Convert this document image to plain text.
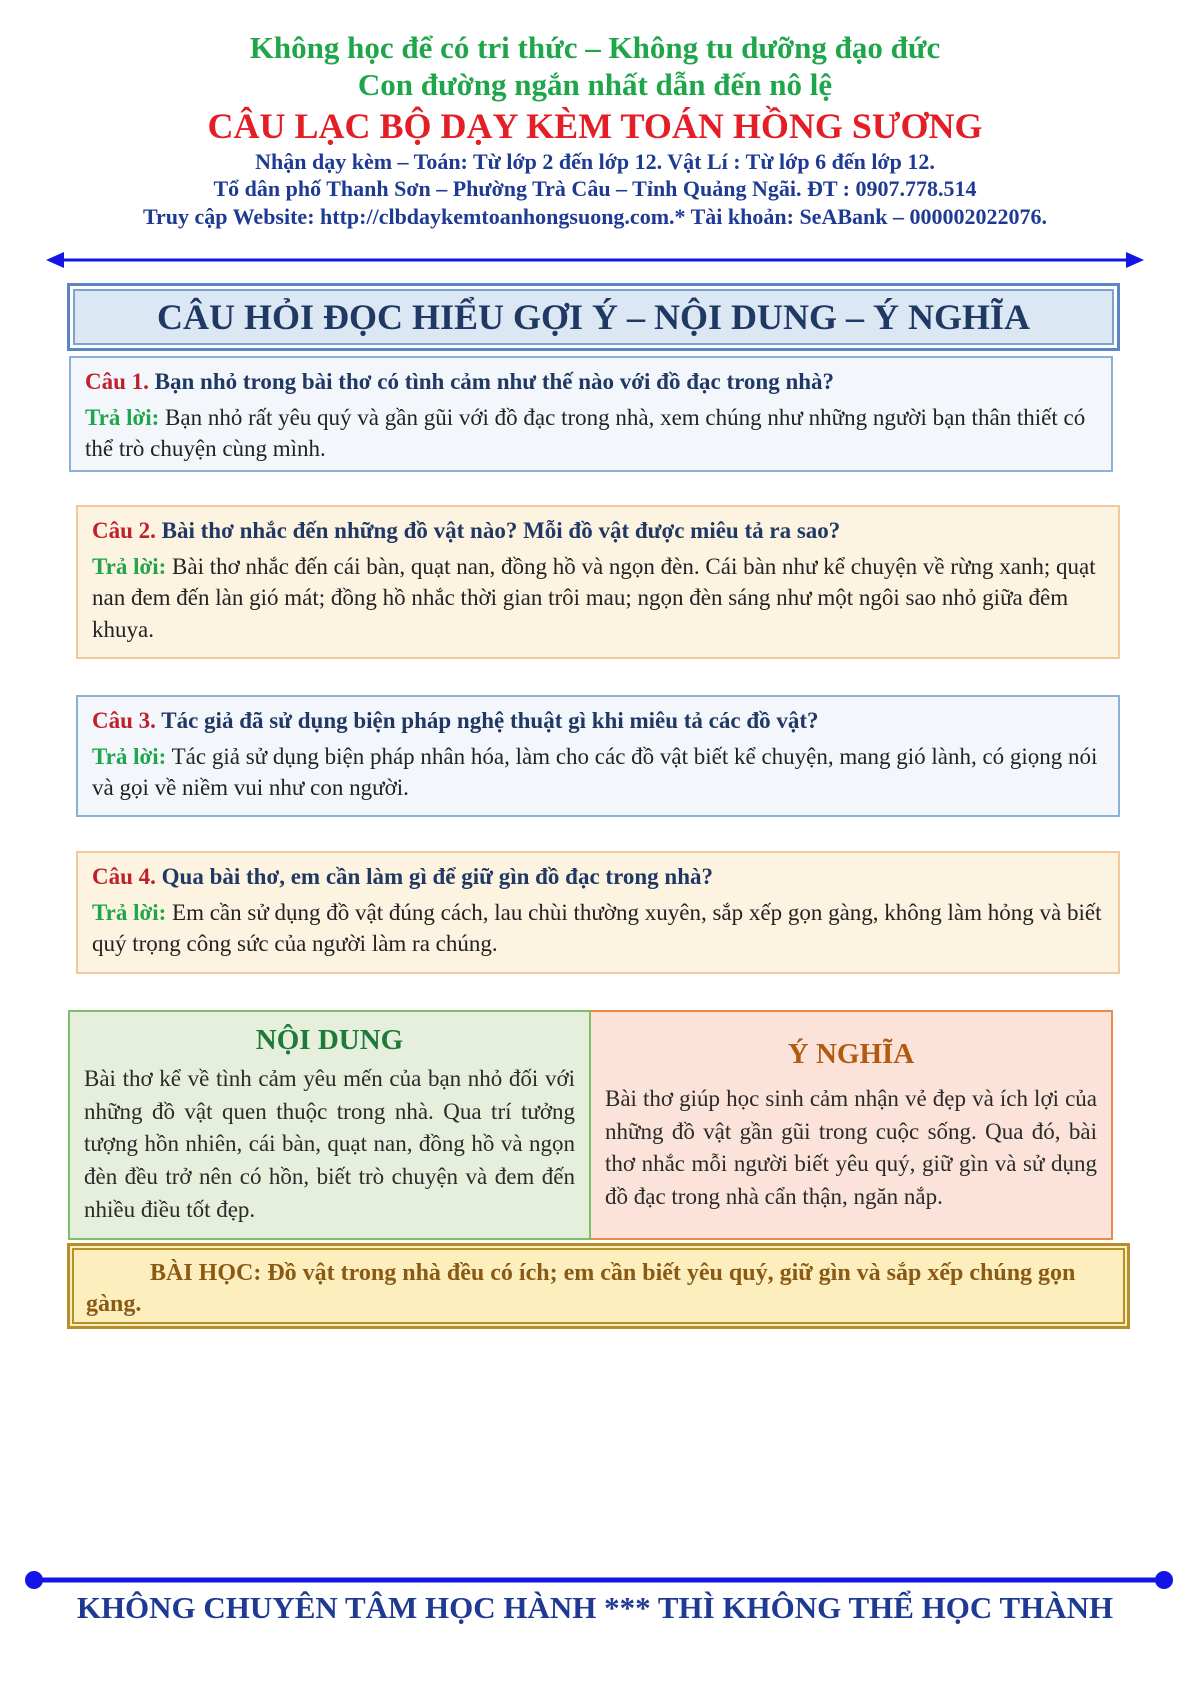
Không học để có tri thức – Không tu dưỡng đạo đức
Con đường ngắn nhất dẫn đến nô lệ
CÂU LẠC BỘ DẠY KÈM TOÁN HỒNG SƯƠNG
Nhận dạy kèm – Toán: Từ lớp 2 đến lớp 12. Vật Lí : Từ lớp 6 đến lớp 12.
Tổ dân phố Thanh Sơn – Phường Trà Câu – Tỉnh Quảng Ngãi. ĐT : 0907.778.514
Truy cập Website: http://clbdaykemtoanhongsuong.com.* Tài khoản: SeABank – 000002022076.
CÂU HỎI ĐỌC HIỂU GỢI Ý – NỘI DUNG – Ý NGHĨA
Câu 1. Bạn nhỏ trong bài thơ có tình cảm như thế nào với đồ đạc trong nhà?
Trả lời: Bạn nhỏ rất yêu quý và gần gũi với đồ đạc trong nhà, xem chúng như những người bạn thân thiết có thể trò chuyện cùng mình.
Câu 2. Bài thơ nhắc đến những đồ vật nào? Mỗi đồ vật được miêu tả ra sao?
Trả lời: Bài thơ nhắc đến cái bàn, quạt nan, đồng hồ và ngọn đèn. Cái bàn như kể chuyện về rừng xanh; quạt nan đem đến làn gió mát; đồng hồ nhắc thời gian trôi mau; ngọn đèn sáng như một ngôi sao nhỏ giữa đêm khuya.
Câu 3. Tác giả đã sử dụng biện pháp nghệ thuật gì khi miêu tả các đồ vật?
Trả lời: Tác giả sử dụng biện pháp nhân hóa, làm cho các đồ vật biết kể chuyện, mang gió lành, có giọng nói và gọi về niềm vui như con người.
Câu 4. Qua bài thơ, em cần làm gì để giữ gìn đồ đạc trong nhà?
Trả lời: Em cần sử dụng đồ vật đúng cách, lau chùi thường xuyên, sắp xếp gọn gàng, không làm hỏng và biết quý trọng công sức của người làm ra chúng.
NỘI DUNG
Bài thơ kể về tình cảm yêu mến của bạn nhỏ đối với những đồ vật quen thuộc trong nhà. Qua trí tưởng tượng hồn nhiên, cái bàn, quạt nan, đồng hồ và ngọn đèn đều trở nên có hồn, biết trò chuyện và đem đến nhiều điều tốt đẹp.
Ý NGHĨA
Bài thơ giúp học sinh cảm nhận vẻ đẹp và ích lợi của những đồ vật gần gũi trong cuộc sống. Qua đó, bài thơ nhắc mỗi người biết yêu quý, giữ gìn và sử dụng đồ đạc trong nhà cẩn thận, ngăn nắp.
BÀI HỌC: Đồ vật trong nhà đều có ích; em cần biết yêu quý, giữ gìn và sắp xếp chúng gọn gàng.
KHÔNG CHUYÊN TÂM HỌC HÀNH *** THÌ KHÔNG THỂ HỌC THÀNH
